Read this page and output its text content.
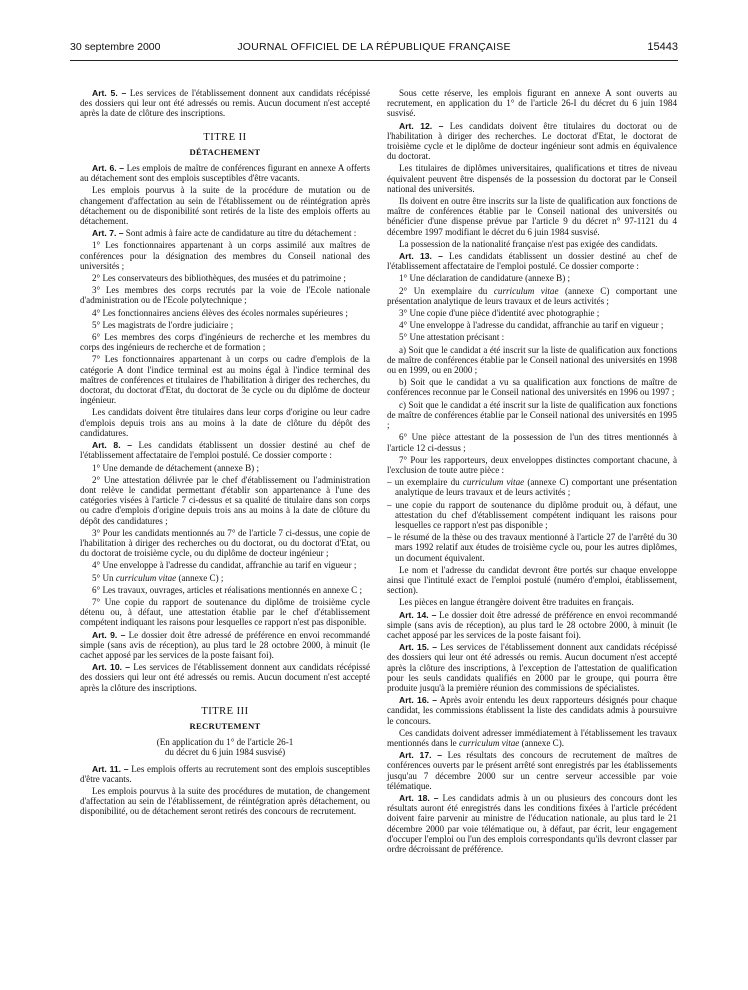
30 septembre 2000	JOURNAL OFFICIEL DE LA RÉPUBLIQUE FRANÇAISE	15443

Art. 5. – Les services de l'établissement donnent aux candidats récépissé des dossiers qui leur ont été adressés ou remis. Aucun document n'est accepté après la date de clôture des inscriptions.

TITRE II
DÉTACHEMENT

Art. 6. – Les emplois de maître de conférences figurant en annexe A offerts au détachement sont des emplois susceptibles d'être vacants.

Les emplois pourvus à la suite de la procédure de mutation ou de changement d'affectation au sein de l'établissement ou de réintégration après détachement ou de disponibilité sont retirés de la liste des emplois offerts au détachement.

Art. 7. – Sont admis à faire acte de candidature au titre du détachement :

1° Les fonctionnaires appartenant à un corps assimilé aux maîtres de conférences pour la désignation des membres du Conseil national des universités ;

2° Les conservateurs des bibliothèques, des musées et du patrimoine ;

3° Les membres des corps recrutés par la voie de l'Ecole nationale d'administration ou de l'Ecole polytechnique ;

4° Les fonctionnaires anciens élèves des écoles normales supérieures ;

5° Les magistrats de l'ordre judiciaire ;

6° Les membres des corps d'ingénieurs de recherche et les membres du corps des ingénieurs de recherche et de formation ;

7° Les fonctionnaires appartenant à un corps ou cadre d'emplois de la catégorie A dont l'indice terminal est au moins égal à l'indice terminal des maîtres de conférences et titulaires de l'habilitation à diriger des recherches, du doctorat, du doctorat d'Etat, du doctorat de 3e cycle ou du diplôme de docteur ingénieur.

Les candidats doivent être titulaires dans leur corps d'origine ou leur cadre d'emplois depuis trois ans au moins à la date de clôture du dépôt des candidatures.

Art. 8. – Les candidats établissent un dossier destiné au chef de l'établissement affectataire de l'emploi postulé. Ce dossier comporte :

1° Une demande de détachement (annexe B) ;

2° Une attestation délivrée par le chef d'établissement ou l'administration dont relève le candidat permettant d'établir son appartenance à l'une des catégories visées à l'article 7 ci-dessus et sa qualité de titulaire dans son corps ou cadre d'emplois d'origine depuis trois ans au moins à la date de clôture du dépôt des candidatures ;

3° Pour les candidats mentionnés au 7° de l'article 7 ci-dessus, une copie de l'habilitation à diriger des recherches ou du doctorat, ou du doctorat d'Etat, ou du doctorat de troisième cycle, ou du diplôme de docteur ingénieur ;

4° Une enveloppe à l'adresse du candidat, affranchie au tarif en vigueur ;

5° Un curriculum vitae (annexe C) ;

6° Les travaux, ouvrages, articles et réalisations mentionnés en annexe C ;

7° Une copie du rapport de soutenance du diplôme de troisième cycle détenu ou, à défaut, une attestation établie par le chef d'établissement compétent indiquant les raisons pour lesquelles ce rapport n'est pas disponible.

Art. 9. – Le dossier doit être adressé de préférence en envoi recommandé simple (sans avis de réception), au plus tard le 28 octobre 2000, à minuit (le cachet apposé par les services de la poste faisant foi).

Art. 10. – Les services de l'établissement donnent aux candidats récépissé des dossiers qui leur ont été adressés ou remis. Aucun document n'est accepté après la clôture des inscriptions.

TITRE III
RECRUTEMENT
(En application du 1° de l'article 26-1
du décret du 6 juin 1984 susvisé)

Art. 11. – Les emplois offerts au recrutement sont des emplois susceptibles d'être vacants.

Les emplois pourvus à la suite des procédures de mutation, de changement d'affectation au sein de l'établissement, de réintégration après détachement, ou disponibilité, ou de détachement seront retirés des concours de recrutement.

Sous cette réserve, les emplois figurant en annexe A sont ouverts au recrutement, en application du 1° de l'article 26-I du décret du 6 juin 1984 susvisé.

Art. 12. – Les candidats doivent être titulaires du doctorat ou de l'habilitation à diriger des recherches. Le doctorat d'Etat, le doctorat de troisième cycle et le diplôme de docteur ingénieur sont admis en équivalence du doctorat.

Les titulaires de diplômes universitaires, qualifications et titres de niveau équivalent peuvent être dispensés de la possession du doctorat par le Conseil national des universités.

Ils doivent en outre être inscrits sur la liste de qualification aux fonctions de maître de conférences établie par le Conseil national des universités ou bénéficier d'une dispense prévue par l'article 9 du décret n° 97-1121 du 4 décembre 1997 modifiant le décret du 6 juin 1984 susvisé.

La possession de la nationalité française n'est pas exigée des candidats.

Art. 13. – Les candidats établissent un dossier destiné au chef de l'établissement affectataire de l'emploi postulé. Ce dossier comporte :

1° Une déclaration de candidature (annexe B) ;

2° Un exemplaire du curriculum vitae (annexe C) comportant une présentation analytique de leurs travaux et de leurs activités ;

3° Une copie d'une pièce d'identité avec photographie ;

4° Une enveloppe à l'adresse du candidat, affranchie au tarif en vigueur ;

5° Une attestation précisant :

a) Soit que le candidat a été inscrit sur la liste de qualification aux fonctions de maître de conférences établie par le Conseil national des universités en 1998 ou en 1999, ou en 2000 ;

b) Soit que le candidat a vu sa qualification aux fonctions de maître de conférences reconnue par le Conseil national des universités en 1996 ou 1997 ;

c) Soit que le candidat a été inscrit sur la liste de qualification aux fonctions de maître de conférences établie par le Conseil national des universités en 1995 ;

6° Une pièce attestant de la possession de l'un des titres mentionnés à l'article 12 ci-dessus ;

7° Pour les rapporteurs, deux enveloppes distinctes comportant chacune, à l'exclusion de toute autre pièce :

– un exemplaire du curriculum vitae (annexe C) comportant une présentation analytique de leurs travaux et de leurs activités ;

– une copie du rapport de soutenance du diplôme produit ou, à défaut, une attestation du chef d'établissement compétent indiquant les raisons pour lesquelles ce rapport n'est pas disponible ;

– le résumé de la thèse ou des travaux mentionné à l'article 27 de l'arrêté du 30 mars 1992 relatif aux études de troisième cycle ou, pour les autres diplômes, un document équivalent.

Le nom et l'adresse du candidat devront être portés sur chaque enveloppe ainsi que l'intitulé exact de l'emploi postulé (numéro d'emploi, établissement, section).

Les pièces en langue étrangère doivent être traduites en français.

Art. 14. – Le dossier doit être adressé de préférence en envoi recommandé simple (sans avis de réception), au plus tard le 28 octobre 2000, à minuit (le cachet apposé par les services de la poste faisant foi).

Art. 15. – Les services de l'établissement donnent aux candidats récépissé des dossiers qui leur ont été adressés ou remis. Aucun document n'est accepté après la clôture des inscriptions, à l'exception de l'attestation de qualification pour les seuls candidats qualifiés en 2000 par le groupe, qui pourra être produite jusqu'à la première réunion des commissions de spécialistes.

Art. 16. – Après avoir entendu les deux rapporteurs désignés pour chaque candidat, les commissions établissent la liste des candidats admis à poursuivre le concours.

Ces candidats doivent adresser immédiatement à l'établissement les travaux mentionnés dans le curriculum vitae (annexe C).

Art. 17. – Les résultats des concours de recrutement de maîtres de conférences ouverts par le présent arrêté sont enregistrés par les établissements jusqu'au 7 décembre 2000 sur un centre serveur accessible par voie télématique.

Art. 18. – Les candidats admis à un ou plusieurs des concours dont les résultats auront été enregistrés dans les conditions fixées à l'article précédent doivent faire parvenir au ministre de l'éducation nationale, au plus tard le 21 décembre 2000 par voie télématique ou, à défaut, par écrit, leur engagement d'occuper l'emploi ou l'un des emplois correspondants qu'ils devront classer par ordre décroissant de préférence.
